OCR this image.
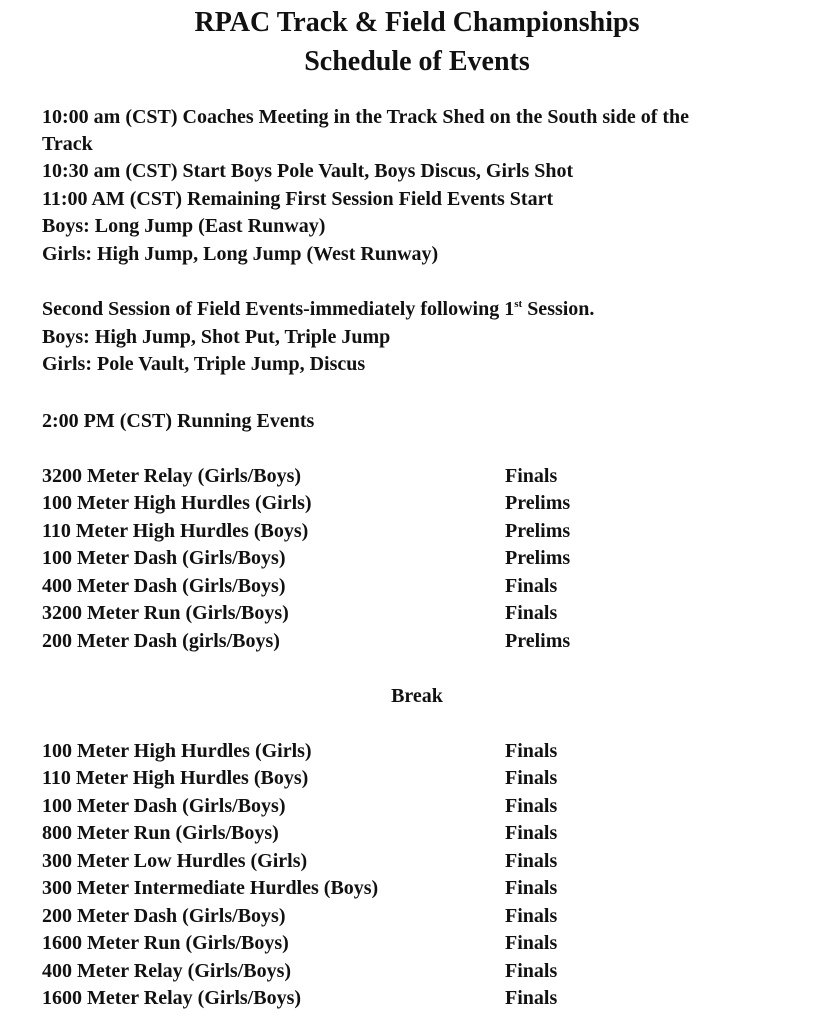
RPAC Track & Field Championships
Schedule of Events
10:00 am (CST) Coaches Meeting in the Track Shed on the South side of the
Track
10:30 am (CST) Start Boys Pole Vault, Boys Discus, Girls Shot
11:00 AM (CST) Remaining First Session Field Events Start
Boys: Long Jump (East Runway)
Girls: High Jump, Long Jump (West Runway)
Second Session of Field Events-immediately following 1st Session.
Boys: High Jump, Shot Put, Triple Jump
Girls: Pole Vault, Triple Jump, Discus
2:00 PM (CST) Running Events
3200 Meter Relay (Girls/Boys)	Finals
100 Meter High Hurdles (Girls)	Prelims
110 Meter High Hurdles (Boys)	Prelims
100 Meter Dash (Girls/Boys)	Prelims
400 Meter Dash (Girls/Boys)	Finals
3200 Meter Run (Girls/Boys)	Finals
200 Meter Dash (girls/Boys)	Prelims
Break
100 Meter High Hurdles (Girls)	Finals
110 Meter High Hurdles (Boys)	Finals
100 Meter Dash (Girls/Boys)	Finals
800 Meter Run (Girls/Boys)	Finals
300 Meter Low Hurdles (Girls)	Finals
300 Meter Intermediate Hurdles (Boys)	Finals
200 Meter Dash (Girls/Boys)	Finals
1600 Meter Run (Girls/Boys)	Finals
400 Meter Relay (Girls/Boys)	Finals
1600 Meter Relay (Girls/Boys)	Finals
